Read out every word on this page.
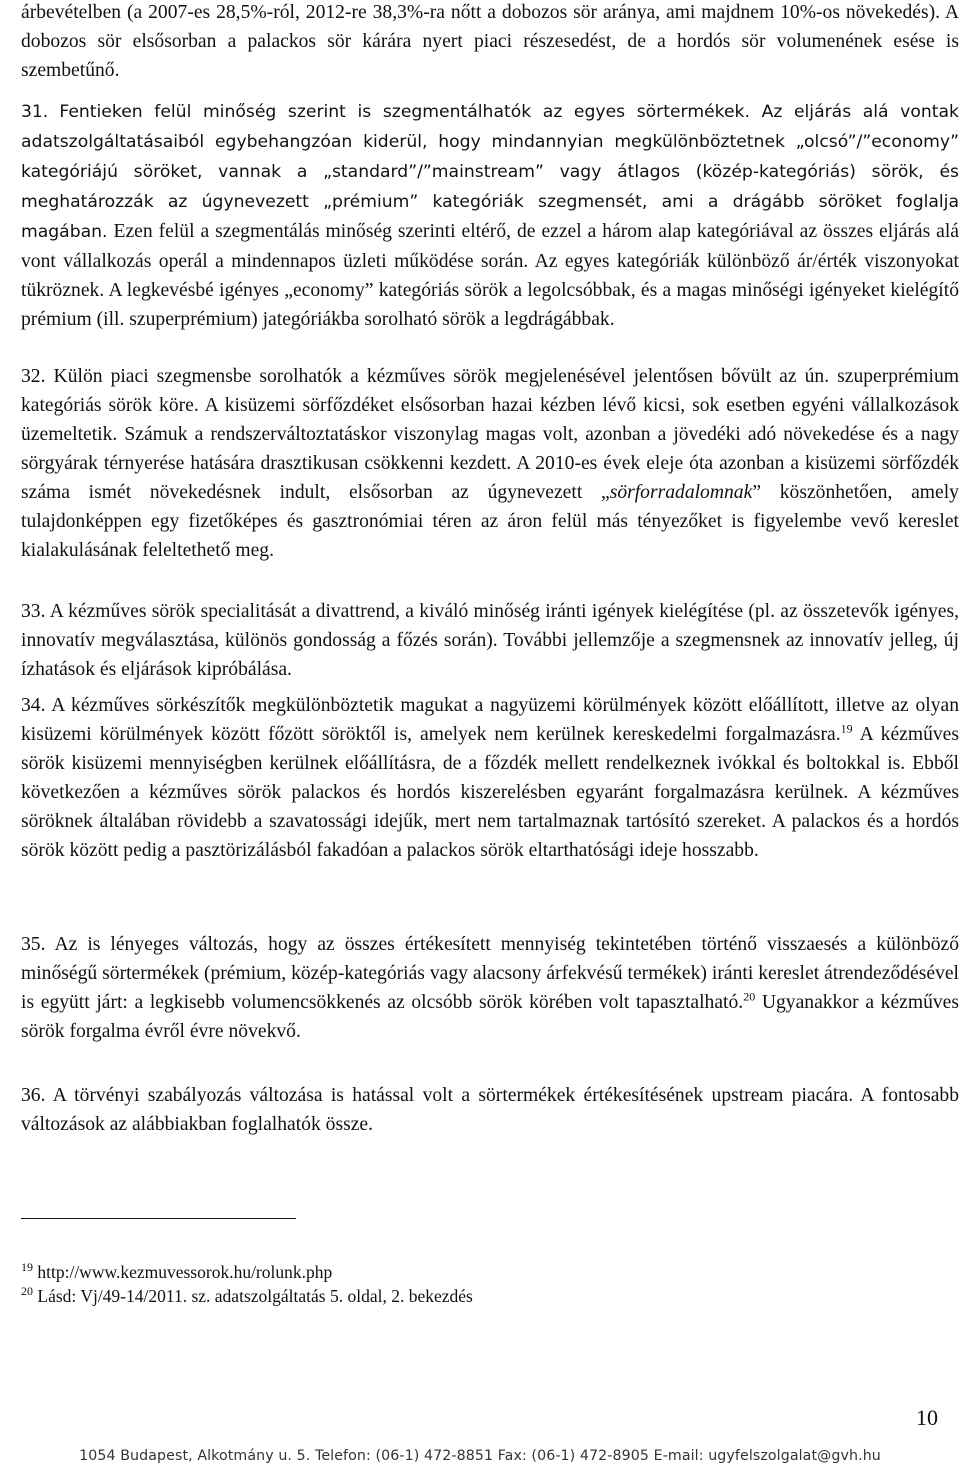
árbevételben (a 2007-es 28,5%-ról, 2012-re 38,3%-ra nőtt a dobozos sör aránya, ami majdnem 10%-os növekedés). A dobozos sör elsősorban a palackos sör kárára nyert piaci részesedést, de a hordós sör volumenének esése is szembetűnő.

31. Fentieken felül minőség szerint is szegmentálhatók az egyes sörtermékek. Az eljárás alá vontak adatszolgáltatásaiból egybehangzóan kiderül, hogy mindannyian megkülönböztetnek „olcsó”/”economy” kategóriájú söröket, vannak a „standard”/”mainstream” vagy átlagos (közép-kategóriás) sörök, és meghatározzák az úgynevezett „prémium” kategóriák szegmensét, ami a drágább söröket foglalja magában. Ezen felül a szegmentálás minőség szerinti eltérő, de ezzel a három alap kategóriával az összes eljárás alá vont vállalkozás operál a mindennapos üzleti működése során. Az egyes kategóriák különböző ár/érték viszonyokat tükröznek. A legkevésbé igényes „economy” kategóriás sörök a legolcsóbbak, és a magas minőségi igényeket kielégítő prémium (ill. szuperprémium) jategóriákba sorolható sörök a legdrágábbak.

32. Külön piaci szegmensbe sorolhatók a kézműves sörök megjelenésével jelentősen bővült az ún. szuperprémium kategóriás sörök köre. A kisüzemi sörfőzdéket elsősorban hazai kézben lévő kicsi, sok esetben egyéni vállalkozások üzemeltetik. Számuk a rendszerváltoztatáskor viszonylag magas volt, azonban a jövedéki adó növekedése és a nagy sörgyárak térnyerése hatására drasztikusan csökkenni kezdett. A 2010-es évek eleje óta azonban a kisüzemi sörfőzdék száma ismét növekedésnek indult, elsősorban az úgynevezett „sörforradalomnak” köszönhetően, amely tulajdonképpen egy fizetőképes és gasztronómiai téren az áron felül más tényezőket is figyelembe vevő kereslet kialakulásának feleltethető meg.

33. A kézműves sörök specialitását a divattrend, a kiváló minőség iránti igények kielégítése (pl. az összetevők igényes, innovatív megválasztása, különös gondosság a főzés során). További jellemzője a szegmensnek az innovatív jelleg, új ízhatások és eljárások kipróbálása.

34. A kézműves sörkészítők megkülönböztetik magukat a nagyüzemi körülmények között előállított, illetve az olyan kisüzemi körülmények között főzött söröktől is, amelyek nem kerülnek kereskedelmi forgalmazásra.$^{19}$ A kézműves sörök kisüzemi mennyiségben kerülnek előállításra, de a főzdék mellett rendelkeznek ivókkal és boltokkal is. Ebből következően a kézműves sörök palackos és hordós kiszerelésben egyaránt forgalmazásra kerülnek. A kézműves söröknek általában rövidebb a szavatossági idejűk, mert nem tartalmaznak tartósító szereket. A palackos és a hordós sörök között pedig a pasztörizálásból fakadóan a palackos sörök eltarthatósági ideje hosszabb.

35. Az is lényeges változás, hogy az összes értékesített mennyiség tekintetében történő visszaesés a különböző minőségű sörtermékek (prémium, közép-kategóriás vagy alacsony árfekvésű termékek) iránti kereslet átrendeződésével is együtt járt: a legkisebb volumencsökkenés az olcsóbb sörök körében volt tapasztalható.$^{20}$ Ugyanakkor a kézműves sörök forgalma évről évre növekvő.

36. A törvényi szabályozás változása is hatással volt a sörtermékek értékesítésének upstream piacára. A fontosabb változások az alábbiakban foglalhatók össze.

$^{19}$ http://www.kezmuvessorok.hu/rolunk.php
$^{20}$ Lásd: Vj/49-14/2011. sz. adatszolgáltatás 5. oldal, 2. bekezdés
10
1054 Budapest, Alkotmány u. 5. Telefon: (06-1) 472-8851 Fax: (06-1) 472-8905 E-mail: ugyfelszolgalat@gvh.hu
